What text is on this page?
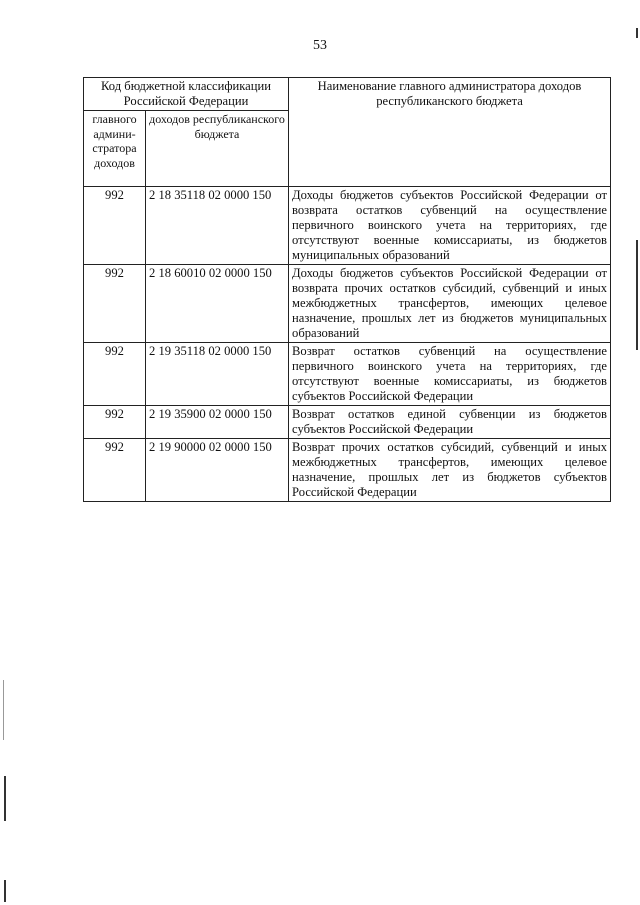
53
Код бюджетной классификации Российской Федерации		Наименование главного администратора доходов республиканского бюджета
главного админи-стратора доходов	доходов республиканского бюджета	
992	2 18 35118 02 0000 150	Доходы бюджетов субъектов Российской Федерации от возврата остатков субвенций на осуществление первичного воинского учета на территориях, где отсутствуют военные комиссариаты, из бюджетов муниципальных образований
992	2 18 60010 02 0000 150	Доходы бюджетов субъектов Российской Федерации от возврата прочих остатков субсидий, субвенций и иных межбюджетных трансфертов, имеющих целевое назначение, прошлых лет из бюджетов муниципальных образований
992	2 19 35118 02 0000 150	Возврат остатков субвенций на осуществление первичного воинского учета на территориях, где отсутствуют военные комиссариаты, из бюджетов субъектов Российской Федерации
992	2 19 35900 02 0000 150	Возврат остатков единой субвенции из бюджетов субъектов Российской Федерации
992	2 19 90000 02 0000 150	Возврат прочих остатков субсидий, субвенций и иных межбюджетных трансфертов, имеющих целевое назначение, прошлых лет из бюджетов субъектов Российской Федерации
